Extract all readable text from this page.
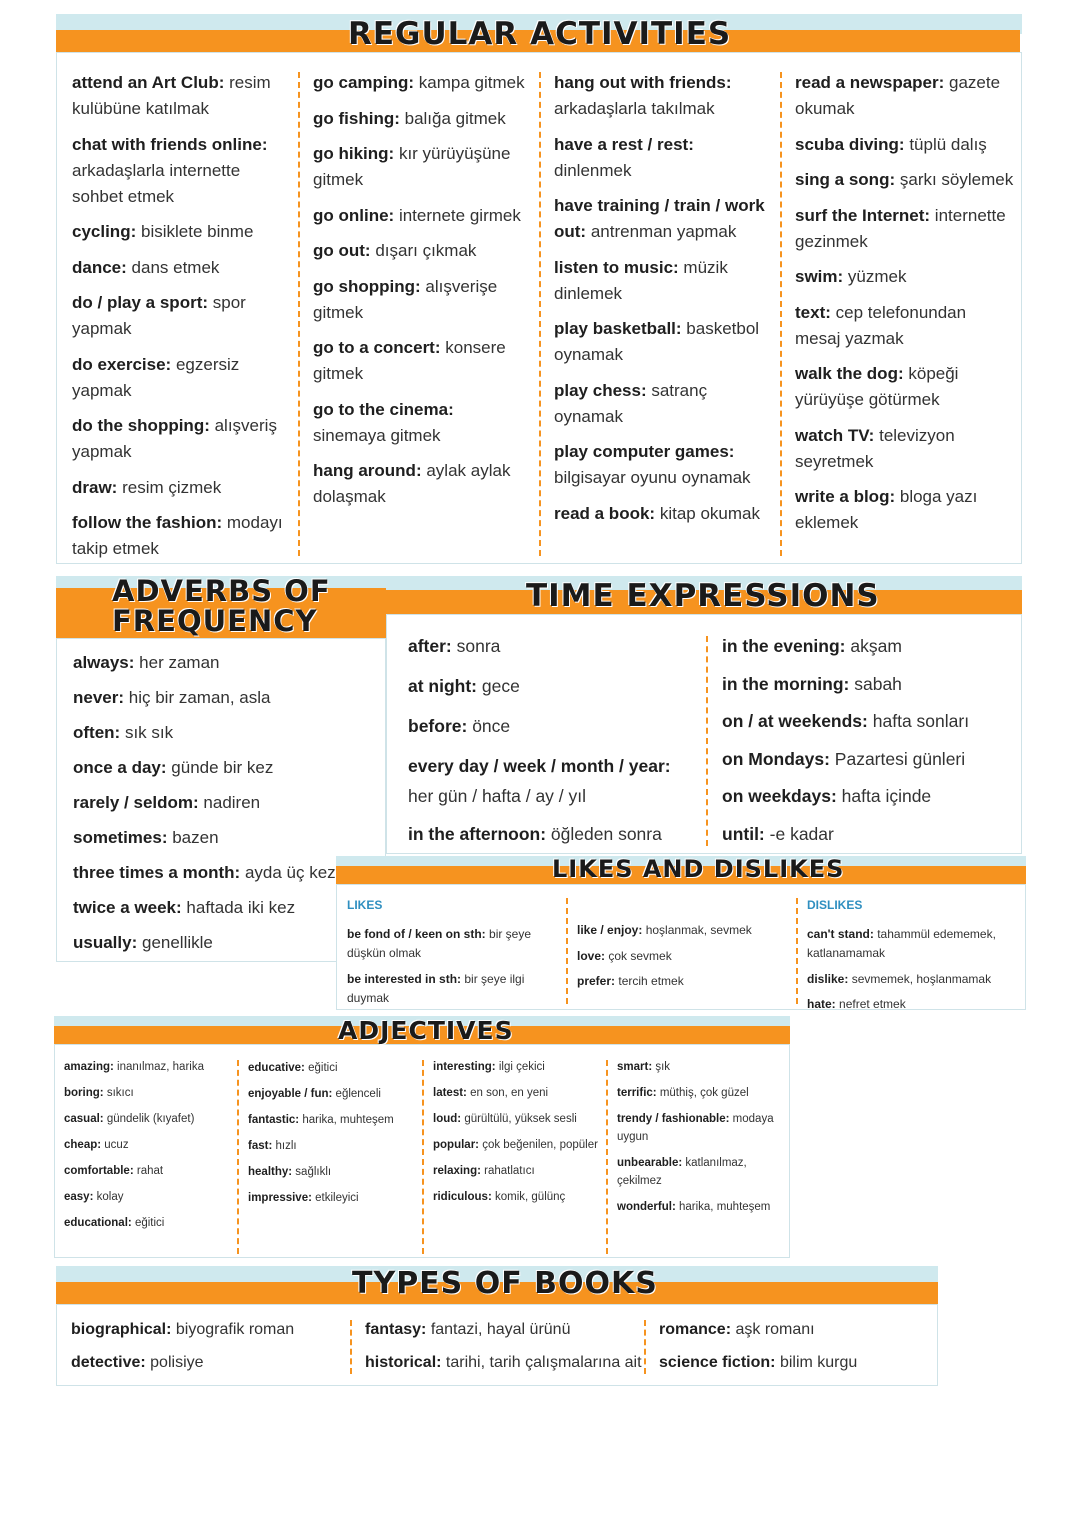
REGULAR ACTIVITIES
attend an Art Club: resim kulübüne katılmak
chat with friends online: arkadaşlarla internette sohbet etmek
cycling: bisiklete binme
dance: dans etmek
do / play a sport: spor yapmak
do exercise: egzersiz yapmak
do the shopping: alışveriş yapmak
draw: resim çizmek
follow the fashion: modayı takip etmek
go camping: kampa gitmek
go fishing: balığa gitmek
go hiking: kır yürüyüşüne gitmek
go online: internete girmek
go out: dışarı çıkmak
go shopping: alışverişe gitmek
go to a concert: konsere gitmek
go to the cinema: sinemaya gitmek
hang around: aylak aylak dolaşmak
hang out with friends: arkadaşlarla takılmak
have a rest / rest: dinlenmek
have training / train / work out: antrenman yapmak
listen to music: müzik dinlemek
play basketball: basketbol oynamak
play chess: satranç oynamak
play computer games: bilgisayar oyunu oynamak
read a book: kitap okumak
read a newspaper: gazete okumak
scuba diving: tüplü dalış
sing a song: şarkı söylemek
surf the Internet: internette gezinmek
swim: yüzmek
text: cep telefonundan mesaj yazmak
walk the dog: köpeği yürüyüşe götürmek
watch TV: televizyon seyretmek
write a blog: bloga yazı eklemek
ADVERBS OF
FREQUENCY
always: her zaman
never: hiç bir zaman, asla
often: sık sık
once a day: günde bir kez
rarely / seldom: nadiren
sometimes: bazen
three times a month: ayda üç kez
twice a week: haftada iki kez
usually: genellikle
TIME EXPRESSIONS
after: sonra
at night: gece
before: önce
every day / week / month / year:
her gün / hafta / ay / yıl
in the afternoon: öğleden sonra
in the evening: akşam
in the morning: sabah
on / at weekends: hafta sonları
on Mondays: Pazartesi günleri
on weekdays: hafta içinde
until: -e kadar
LIKES AND DISLIKES
LIKES
be fond of / keen on sth: bir şeye düşkün olmak
be interested in sth: bir şeye ilgi duymak
like / enjoy: hoşlanmak, sevmek
love: çok sevmek
prefer: tercih etmek
DISLIKES
can't stand: tahammül edememek, katlanamamak
dislike: sevmemek, hoşlanmamak
hate: nefret etmek
ADJECTIVES
amazing: inanılmaz, harika
boring: sıkıcı
casual: gündelik (kıyafet)
cheap: ucuz
comfortable: rahat
easy: kolay
educational: eğitici
educative: eğitici
enjoyable / fun: eğlenceli
fantastic: harika, muhteşem
fast: hızlı
healthy: sağlıklı
impressive: etkileyici
interesting: ilgi çekici
latest: en son, en yeni
loud: gürültülü, yüksek sesli
popular: çok beğenilen, popüler
relaxing: rahatlatıcı
ridiculous: komik, gülünç
smart: şık
terrific: müthiş, çok güzel
trendy / fashionable: modaya uygun
unbearable: katlanılmaz, çekilmez
wonderful: harika, muhteşem
TYPES OF BOOKS
biographical: biyografik roman
detective: polisiye
fantasy: fantazi, hayal ürünü
historical: tarihi, tarih çalışmalarına ait
romance: aşk romanı
science fiction: bilim kurgu
